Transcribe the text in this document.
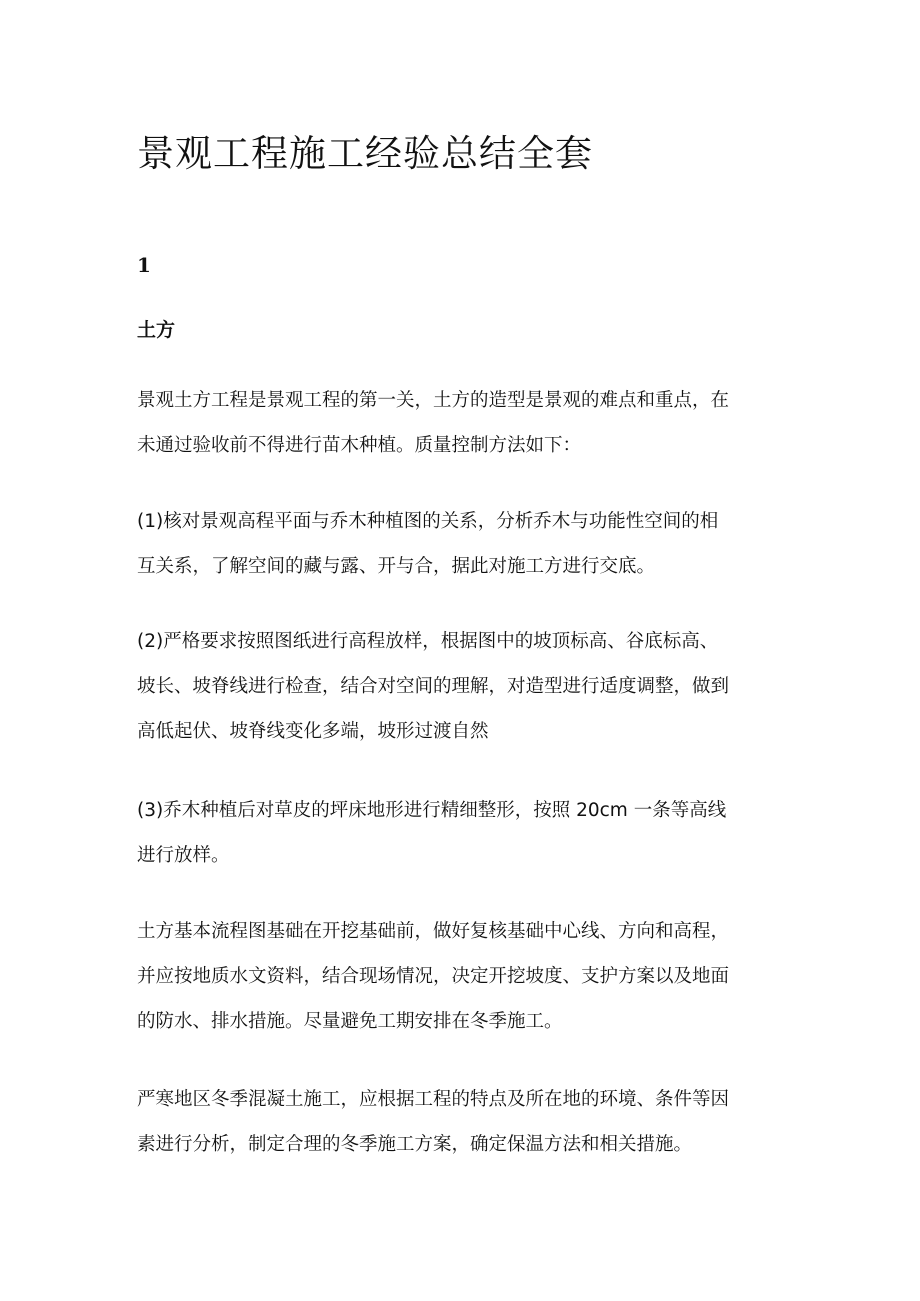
景观工程施工经验总结全套
1
土方

景观土方工程是景观工程的第一关，土方的造型是景观的难点和重点，在
未通过验收前不得进行苗木种植。质量控制方法如下：

(1)核对景观高程平面与乔木种植图的关系，分析乔木与功能性空间的相
互关系，了解空间的藏与露、开与合，据此对施工方进行交底。

(2)严格要求按照图纸进行高程放样，根据图中的坡顶标高、谷底标高、
坡长、坡脊线进行检查，结合对空间的理解，对造型进行适度调整，做到
高低起伏、坡脊线变化多端，坡形过渡自然

(3)乔木种植后对草皮的坪床地形进行精细整形，按照 20cm 一条等高线
进行放样。

土方基本流程图基础在开挖基础前，做好复核基础中心线、方向和高程，
并应按地质水文资料，结合现场情况，决定开挖坡度、支护方案以及地面
的防水、排水措施。尽量避免工期安排在冬季施工。

严寒地区冬季混凝土施工，应根据工程的特点及所在地的环境、条件等因
素进行分析，制定合理的冬季施工方案，确定保温方法和相关措施。
